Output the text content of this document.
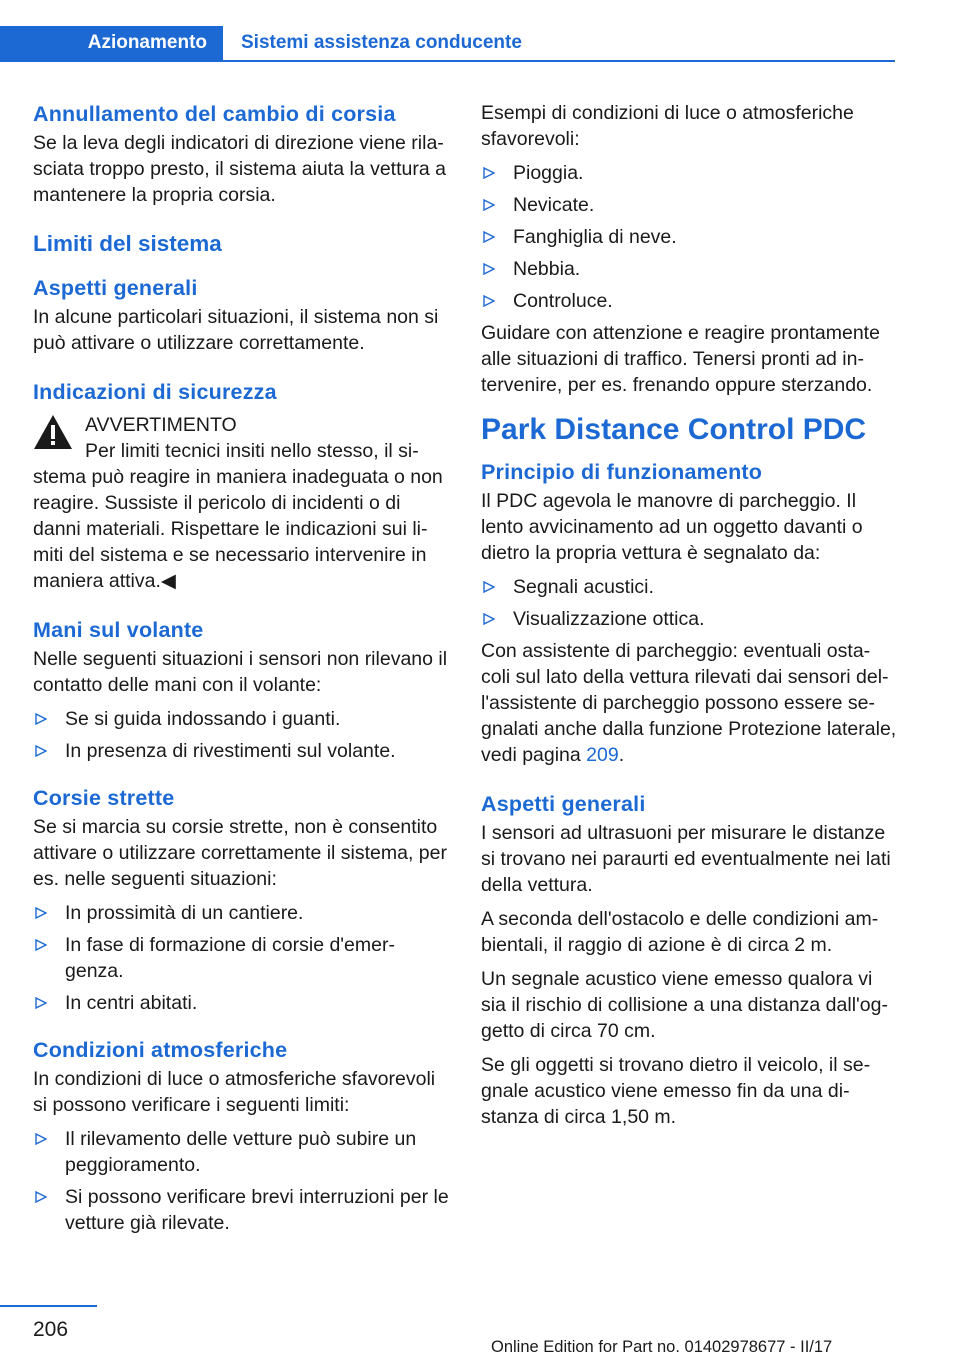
Azionamento	Sistemi assistenza conducente
Annullamento del cambio di corsia

Se la leva degli indicatori di direzione viene rila-sciata troppo presto, il sistema aiuta la vettura a mantenere la propria corsia.

Limiti del sistema
Aspetti generali

In alcune particolari situazioni, il sistema non si può attivare o utilizzare correttamente.

Indicazioni di sicurezza
AVVERTIMENTO
Per limiti tecnici insiti nello stesso, il si-

stema può reagire in maniera inadeguata o non reagire. Sussiste il pericolo di incidenti o di danni materiali. Rispettare le indicazioni sui li-miti del sistema e se necessario intervenire in maniera attiva.◀

Mani sul volante

Nelle seguenti situazioni i sensori non rilevano il contatto delle mani con il volante:

Se si guida indossando i guanti.
In presenza di rivestimenti sul volante.
Corsie strette

Se si marcia su corsie strette, non è consentito attivare o utilizzare correttamente il sistema, per es. nelle seguenti situazioni:

In prossimità di un cantiere.
In fase di formazione di corsie d'emer-genza.
In centri abitati.
Condizioni atmosferiche

In condizioni di luce o atmosferiche sfavorevoli si possono verificare i seguenti limiti:

Il rilevamento delle vetture può subire un peggioramento.
Si possono verificare brevi interruzioni per le vetture già rilevate.

Esempi di condizioni di luce o atmosferiche sfavorevoli:

Pioggia.
Nevicate.
Fanghiglia di neve.
Nebbia.
Controluce.

Guidare con attenzione e reagire prontamente alle situazioni di traffico. Tenersi pronti ad in-tervenire, per es. frenando oppure sterzando.

Park Distance Control PDC
Principio di funzionamento

Il PDC agevola le manovre di parcheggio. Il lento avvicinamento ad un oggetto davanti o dietro la propria vettura è segnalato da:

Segnali acustici.
Visualizzazione ottica.

Con assistente di parcheggio: eventuali osta-coli sul lato della vettura rilevati dai sensori del-l'assistente di parcheggio possono essere se-gnalati anche dalla funzione Protezione laterale, vedi pagina 209.

Aspetti generali

I sensori ad ultrasuoni per misurare le distanze si trovano nei paraurti ed eventualmente nei lati della vettura.

A seconda dell'ostacolo e delle condizioni am-bientali, il raggio di azione è di circa 2 m.

Un segnale acustico viene emesso qualora vi sia il rischio di collisione a una distanza dall'og-getto di circa 70 cm.

Se gli oggetti si trovano dietro il veicolo, il se-gnale acustico viene emesso fin da una di-stanza di circa 1,50 m.

206
Online Edition for Part no. 01402978677 - II/17
